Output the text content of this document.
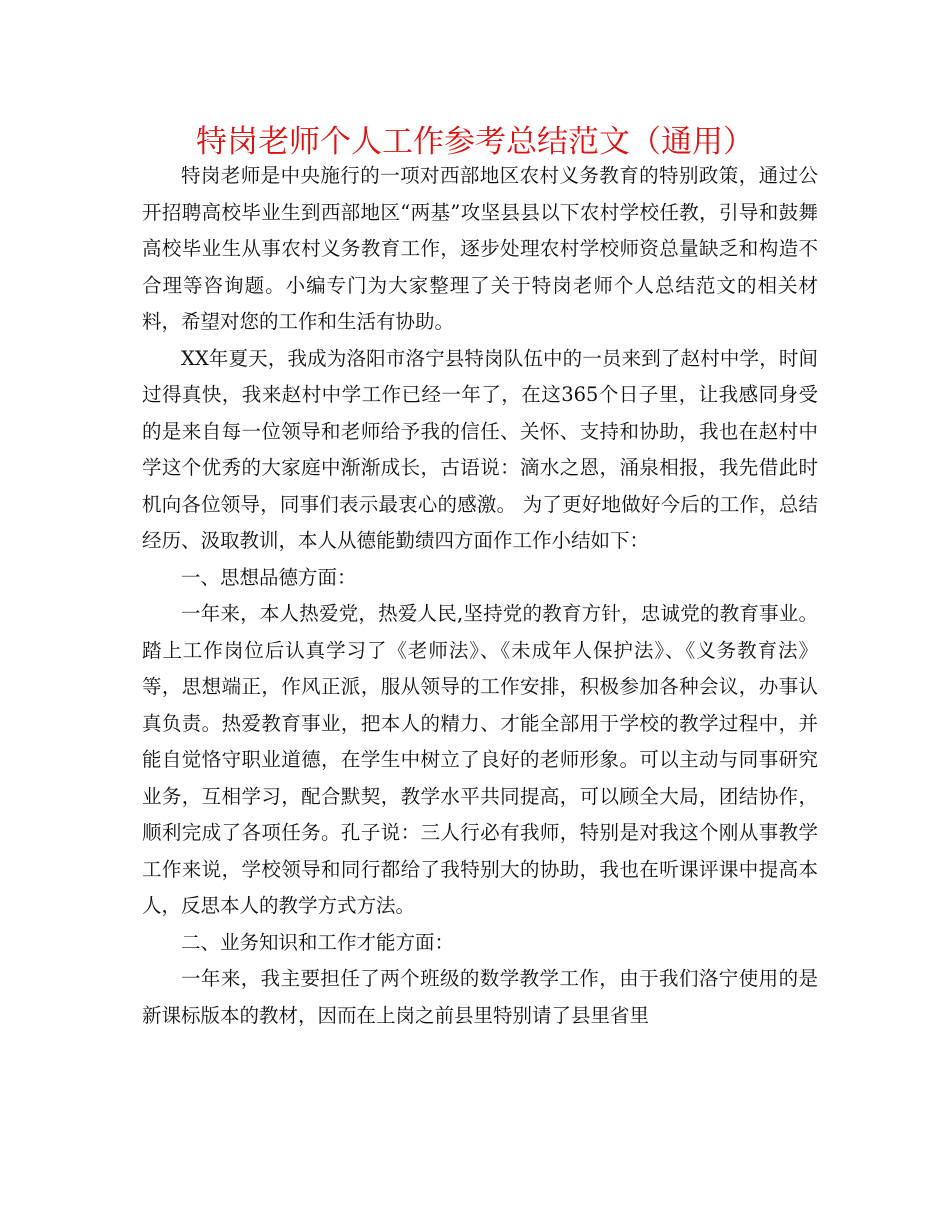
特岗老师个人工作参考总结范文（通用）

特岗老师是中央施行的一项对西部地区农村义务教育的特别政策，通过公开招聘高校毕业生到西部地区“两基”攻坚县县以下农村学校任教，引导和鼓舞高校毕业生从事农村义务教育工作，逐步处理农村学校师资总量缺乏和构造不合理等咨询题。小编专门为大家整理了关于特岗老师个人总结范文的相关材料，希望对您的工作和生活有协助。

XX年夏天，我成为洛阳市洛宁县特岗队伍中的一员来到了赵村中学，时间过得真快，我来赵村中学工作已经一年了，在这365个日子里，让我感同身受的是来自每一位领导和老师给予我的信任、关怀、支持和协助，我也在赵村中学这个优秀的大家庭中渐渐成长，古语说：滴水之恩，涌泉相报，我先借此时机向各位领导，同事们表示最衷心的感激。 为了更好地做好今后的工作，总结经历、汲取教训，本人从德能勤绩四方面作工作小结如下：

一、思想品德方面：

一年来，本人热爱党，热爱人民,坚持党的教育方针，忠诚党的教育事业。踏上工作岗位后认真学习了《老师法》、《未成年人保护法》、《义务教育法》等，思想端正，作风正派，服从领导的工作安排，积极参加各种会议，办事认真负责。热爱教育事业，把本人的精力、才能全部用于学校的教学过程中，并能自觉恪守职业道德，在学生中树立了良好的老师形象。可以主动与同事研究业务，互相学习，配合默契，教学水平共同提高，可以顾全大局，团结协作，顺利完成了各项任务。孔子说：三人行必有我师，特别是对我这个刚从事教学工作来说，学校领导和同行都给了我特别大的协助，我也在听课评课中提高本人，反思本人的教学方式方法。

二、业务知识和工作才能方面：

一年来，我主要担任了两个班级的数学教学工作，由于我们洛宁使用的是新课标版本的教材，因而在上岗之前县里特别请了县里省里
